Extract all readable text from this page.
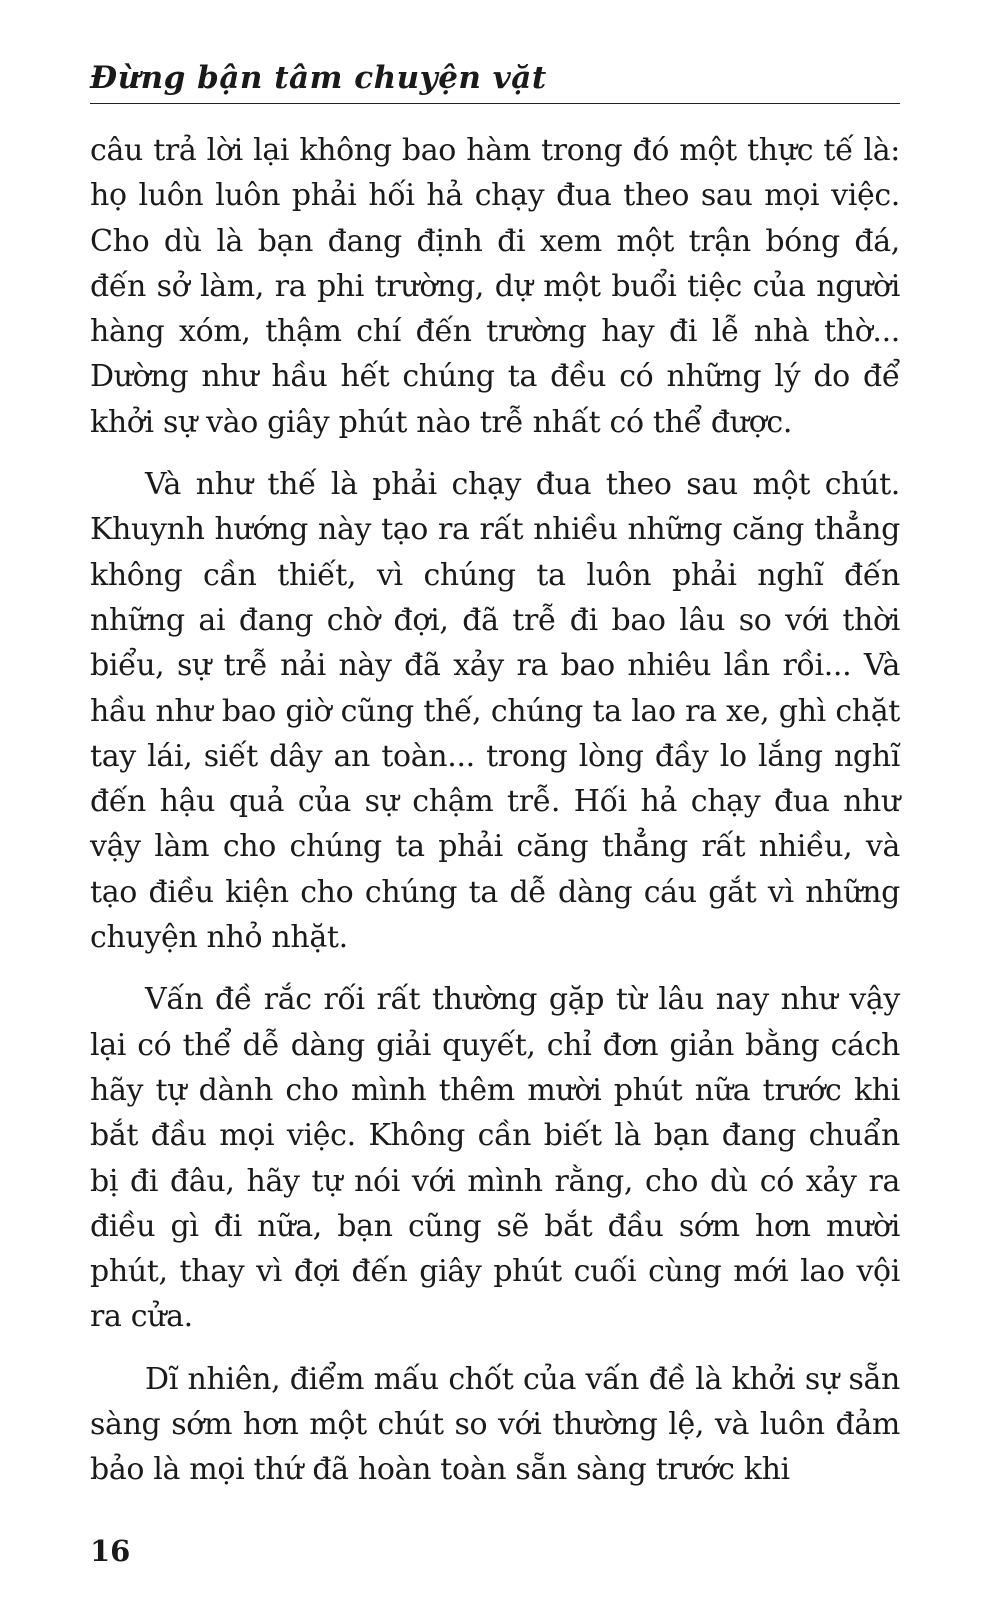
Đừng bận tâm chuyện vặt

câu trả lời lại không bao hàm trong đó một thực tế là: họ luôn luôn phải hối hả chạy đua theo sau mọi việc. Cho dù là bạn đang định đi xem một trận bóng đá, đến sở làm, ra phi trường, dự một buổi tiệc của người hàng xóm, thậm chí đến trường hay đi lễ nhà thờ... Dường như hầu hết chúng ta đều có những lý do để khởi sự vào giây phút nào trễ nhất có thể được.

Và như thế là phải chạy đua theo sau một chút. Khuynh hướng này tạo ra rất nhiều những căng thẳng không cần thiết, vì chúng ta luôn phải nghĩ đến những ai đang chờ đợi, đã trễ đi bao lâu so với thời biểu, sự trễ nải này đã xảy ra bao nhiêu lần rồi... Và hầu như bao giờ cũng thế, chúng ta lao ra xe, ghì chặt tay lái, siết dây an toàn... trong lòng đầy lo lắng nghĩ đến hậu quả của sự chậm trễ. Hối hả chạy đua như vậy làm cho chúng ta phải căng thẳng rất nhiều, và tạo điều kiện cho chúng ta dễ dàng cáu gắt vì những chuyện nhỏ nhặt.

Vấn đề rắc rối rất thường gặp từ lâu nay như vậy lại có thể dễ dàng giải quyết, chỉ đơn giản bằng cách hãy tự dành cho mình thêm mười phút nữa trước khi bắt đầu mọi việc. Không cần biết là bạn đang chuẩn bị đi đâu, hãy tự nói với mình rằng, cho dù có xảy ra điều gì đi nữa, bạn cũng sẽ bắt đầu sớm hơn mười phút, thay vì đợi đến giây phút cuối cùng mới lao vội ra cửa.

Dĩ nhiên, điểm mấu chốt của vấn đề là khởi sự sẵn sàng sớm hơn một chút so với thường lệ, và luôn đảm bảo là mọi thứ đã hoàn toàn sẵn sàng trước khi

16
